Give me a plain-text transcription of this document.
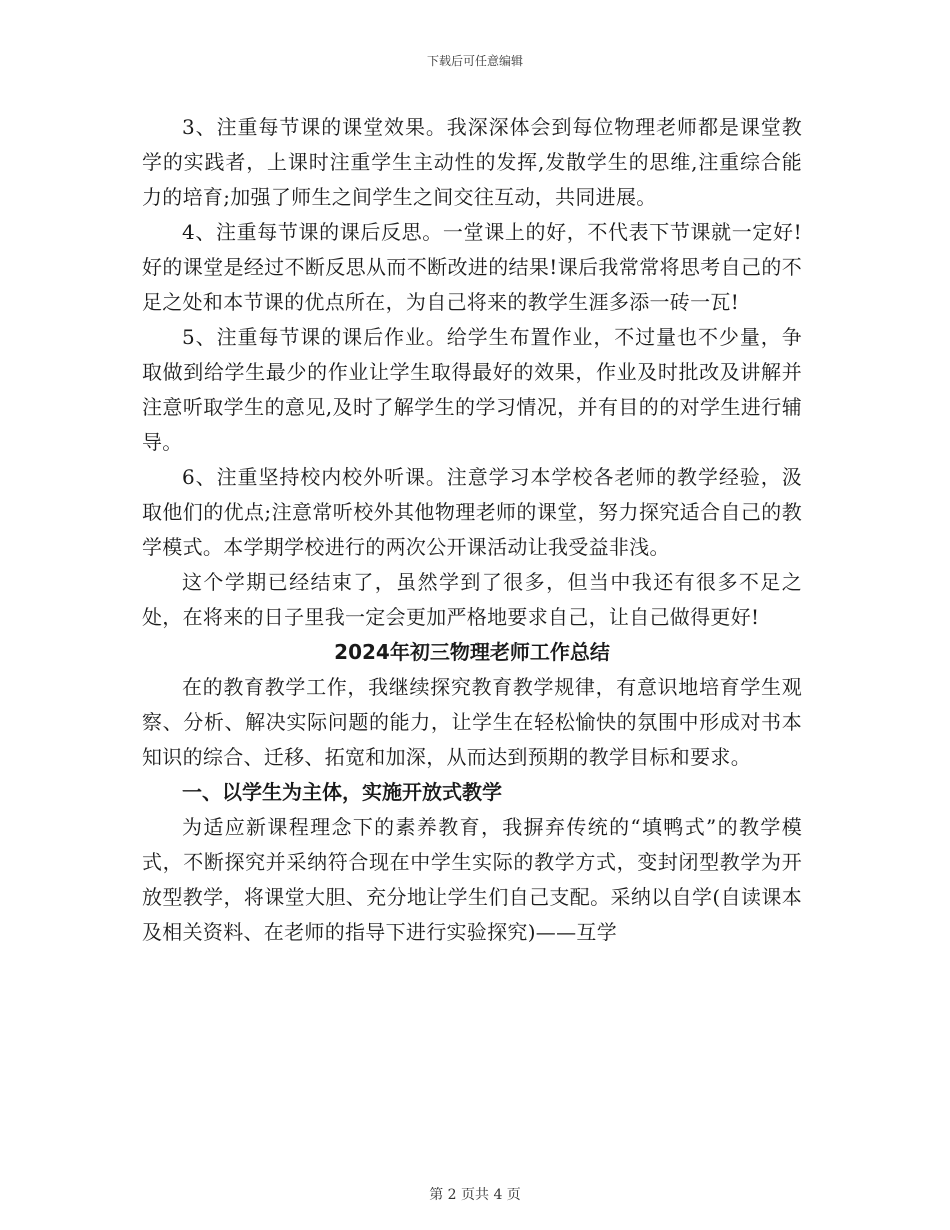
下载后可任意编辑

3、注重每节课的课堂效果。我深深体会到每位物理老师都是课堂教学的实践者，上课时注重学生主动性的发挥,发散学生的思维,注重综合能力的培育;加强了师生之间学生之间交往互动，共同进展。

4、注重每节课的课后反思。一堂课上的好，不代表下节课就一定好!好的课堂是经过不断反思从而不断改进的结果!课后我常常将思考自己的不足之处和本节课的优点所在，为自己将来的教学生涯多添一砖一瓦!

5、注重每节课的课后作业。给学生布置作业，不过量也不少量，争取做到给学生最少的作业让学生取得最好的效果，作业及时批改及讲解并注意听取学生的意见,及时了解学生的学习情况，并有目的的对学生进行辅导。

6、注重坚持校内校外听课。注意学习本学校各老师的教学经验，汲取他们的优点;注意常听校外其他物理老师的课堂，努力探究适合自己的教学模式。本学期学校进行的两次公开课活动让我受益非浅。

这个学期已经结束了，虽然学到了很多，但当中我还有很多不足之处，在将来的日子里我一定会更加严格地要求自己，让自己做得更好!

2024年初三物理老师工作总结

在的教育教学工作，我继续探究教育教学规律，有意识地培育学生观察、分析、解决实际问题的能力，让学生在轻松愉快的氛围中形成对书本知识的综合、迁移、拓宽和加深，从而达到预期的教学目标和要求。

一、以学生为主体，实施开放式教学

为适应新课程理念下的素养教育，我摒弃传统的“填鸭式”的教学模式，不断探究并采纳符合现在中学生实际的教学方式，变封闭型教学为开放型教学，将课堂大胆、充分地让学生们自己支配。采纳以自学(自读课本及相关资料、在老师的指导下进行实验探究)——互学

第 2 页共 4 页
